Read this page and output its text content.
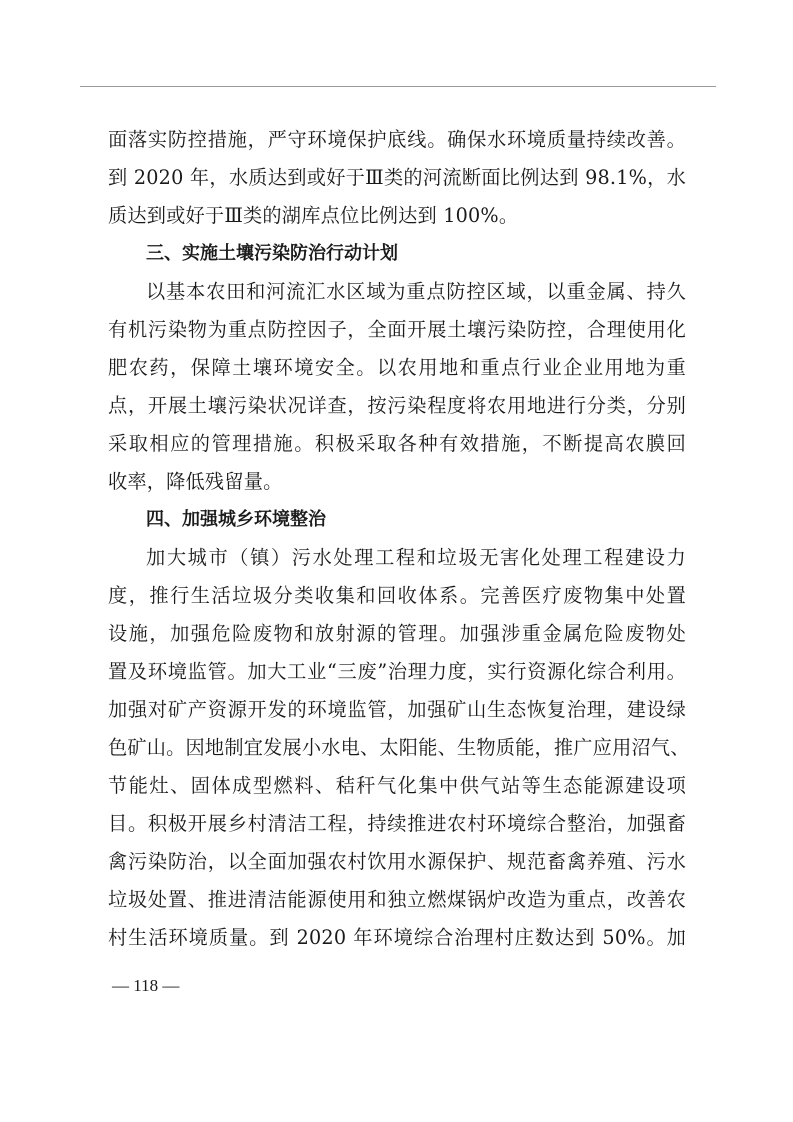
面落实防控措施，严守环境保护底线。确保水环境质量持续改善。
到 2020 年，水质达到或好于Ⅲ类的河流断面比例达到 98.1%，水
质达到或好于Ⅲ类的湖库点位比例达到 100%。
三、实施土壤污染防治行动计划
以基本农田和河流汇水区域为重点防控区域，以重金属、持久
有机污染物为重点防控因子，全面开展土壤污染防控，合理使用化
肥农药，保障土壤环境安全。以农用地和重点行业企业用地为重
点，开展土壤污染状况详查，按污染程度将农用地进行分类，分别
采取相应的管理措施。积极采取各种有效措施，不断提高农膜回
收率，降低残留量。
四、加强城乡环境整治
加大城市（镇）污水处理工程和垃圾无害化处理工程建设力
度，推行生活垃圾分类收集和回收体系。完善医疗废物集中处置
设施，加强危险废物和放射源的管理。加强涉重金属危险废物处
置及环境监管。加大工业“三废”治理力度，实行资源化综合利用。
加强对矿产资源开发的环境监管，加强矿山生态恢复治理，建设绿
色矿山。因地制宜发展小水电、太阳能、生物质能，推广应用沼气、
节能灶、固体成型燃料、秸秆气化集中供气站等生态能源建设项
目。积极开展乡村清洁工程，持续推进农村环境综合整治，加强畜
禽污染防治，以全面加强农村饮用水源保护、规范畜禽养殖、污水
垃圾处置、推进清洁能源使用和独立燃煤锅炉改造为重点，改善农
村生活环境质量。到 2020 年环境综合治理村庄数达到 50%。加
— 118 —
